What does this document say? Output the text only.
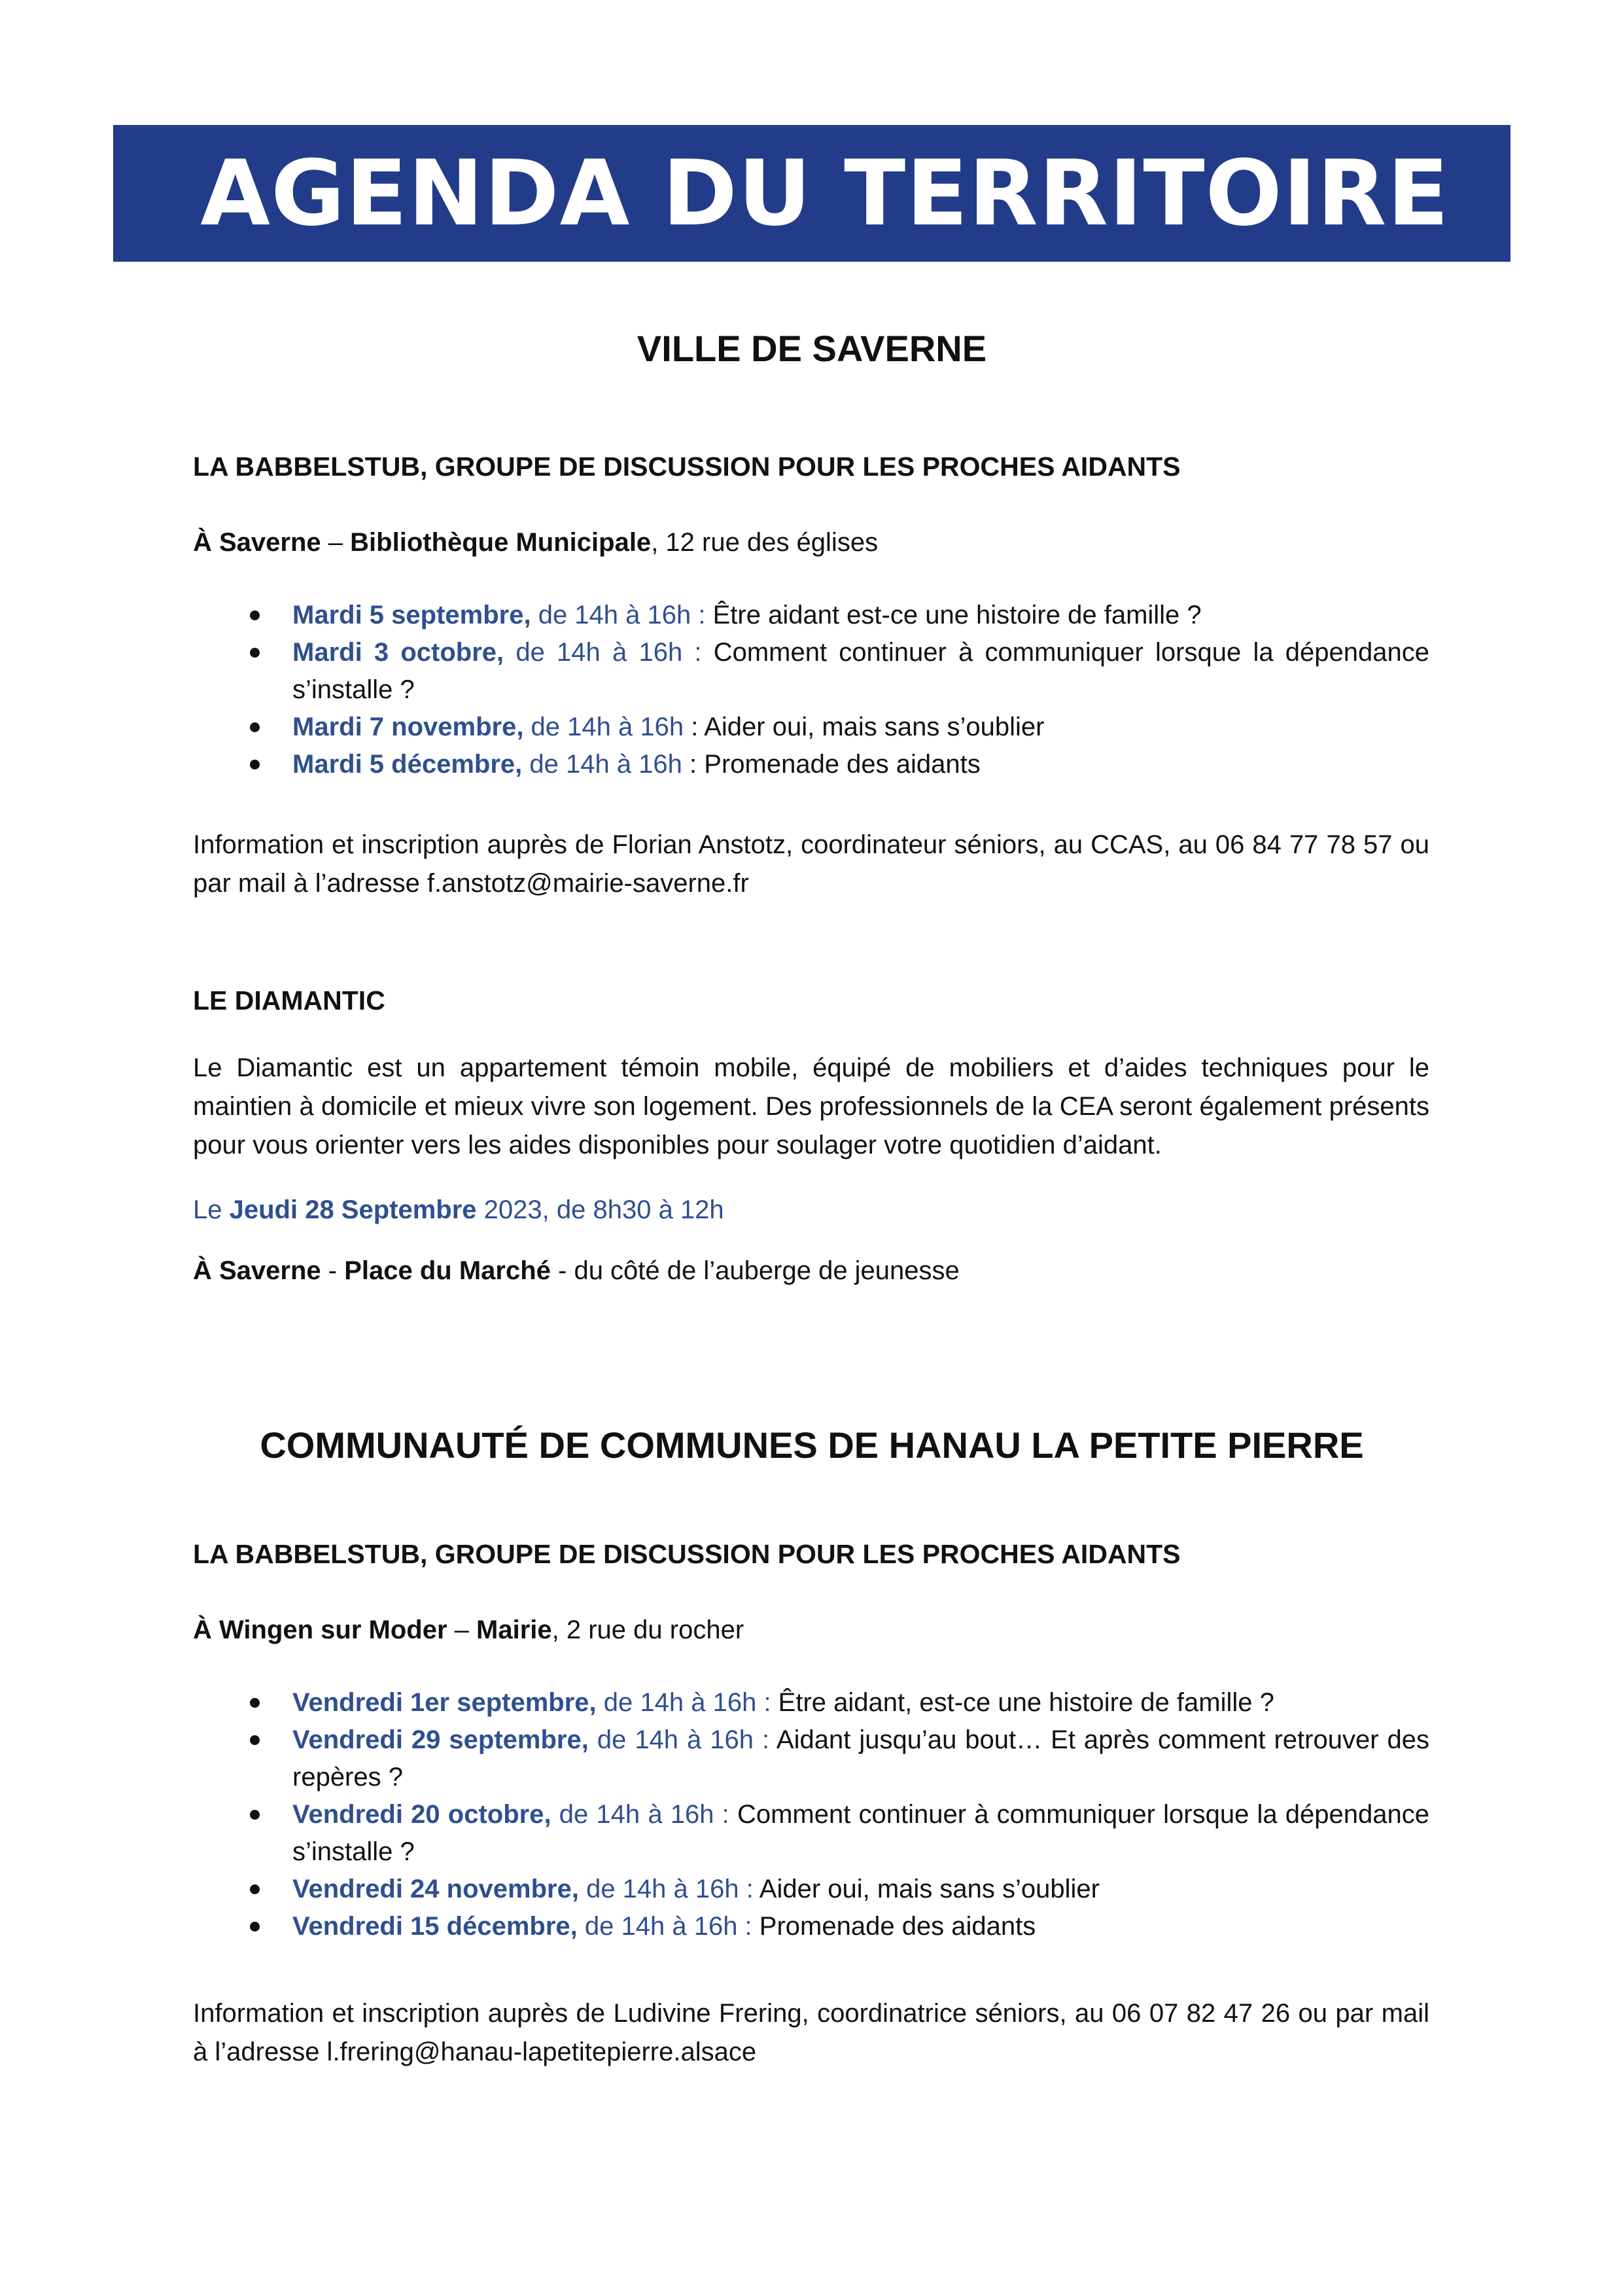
AGENDA DU TERRITOIRE
VILLE DE SAVERNE
LA BABBELSTUB, GROUPE DE DISCUSSION POUR LES PROCHES AIDANTS
À Saverne – Bibliothèque Municipale, 12 rue des églises
Mardi 5 septembre, de 14h à 16h : Être aidant est-ce une histoire de famille ?
Mardi 3 octobre, de 14h à 16h : Comment continuer à communiquer lorsque la dépendance s’installe ?
Mardi 7 novembre, de 14h à 16h : Aider oui, mais sans s’oublier
Mardi 5 décembre, de 14h à 16h : Promenade des aidants
Information et inscription auprès de Florian Anstotz, coordinateur séniors, au CCAS, au 06 84 77 78 57 ou par mail à l’adresse f.anstotz@mairie-saverne.fr
LE DIAMANTIC
Le Diamantic est un appartement témoin mobile, équipé de mobiliers et d’aides techniques pour le maintien à domicile et mieux vivre son logement. Des professionnels de la CEA seront également présents pour vous orienter vers les aides disponibles pour soulager votre quotidien d’aidant.
Le Jeudi 28 Septembre 2023, de 8h30 à 12h
À Saverne - Place du Marché - du côté de l’auberge de jeunesse
COMMUNAUTÉ DE COMMUNES DE HANAU LA PETITE PIERRE
LA BABBELSTUB, GROUPE DE DISCUSSION POUR LES PROCHES AIDANTS
À Wingen sur Moder – Mairie, 2 rue du rocher
Vendredi 1er septembre, de 14h à 16h : Être aidant, est-ce une histoire de famille ?
Vendredi 29 septembre, de 14h à 16h : Aidant jusqu’au bout… Et après comment retrouver des repères ?
Vendredi 20 octobre, de 14h à 16h : Comment continuer à communiquer lorsque la dépendance s’installe ?
Vendredi 24 novembre, de 14h à 16h : Aider oui, mais sans s’oublier
Vendredi 15 décembre, de 14h à 16h : Promenade des aidants
Information et inscription auprès de Ludivine Frering, coordinatrice séniors, au 06 07 82 47 26 ou par mail à l’adresse l.frering@hanau-lapetitepierre.alsace
